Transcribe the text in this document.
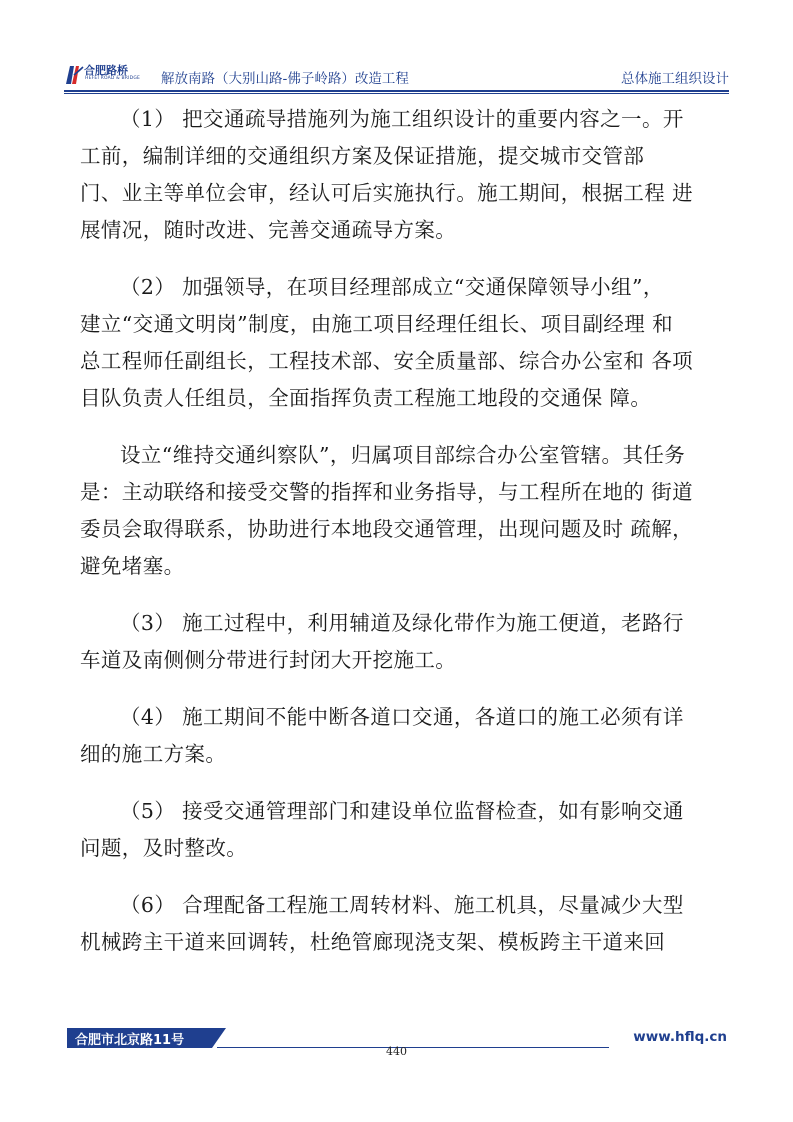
合肥路桥
HEFEI ROAD & BRIDGE 解放南路（大别山路-佛子岭路）改造工程	总体施工组织设计

（1） 把交通疏导措施列为施工组织设计的重要内容之一。开
工前，编制详细的交通组织方案及保证措施，提交城市交管部
门、业主等单位会审，经认可后实施执行。施工期间，根据工程 进
展情况，随时改进、完善交通疏导方案。

（2） 加强领导，在项目经理部成立“交通保障领导小组”，
建立“交通文明岗”制度，由施工项目经理任组长、项目副经理 和
总工程师任副组长，工程技术部、安全质量部、综合办公室和 各项
目队负责人任组员，全面指挥负责工程施工地段的交通保 障。

设立“维持交通纠察队”，归属项目部综合办公室管辖。其任务
是：主动联络和接受交警的指挥和业务指导，与工程所在地的 街道
委员会取得联系，协助进行本地段交通管理，出现问题及时 疏解，
避免堵塞。

（3） 施工过程中，利用辅道及绿化带作为施工便道，老路行
车道及南侧侧分带进行封闭大开挖施工。

（4） 施工期间不能中断各道口交通，各道口的施工必须有详
细的施工方案。

（5） 接受交通管理部门和建设单位监督检查，如有影响交通
问题，及时整改。

（6） 合理配备工程施工周转材料、施工机具，尽量减少大型
机械跨主干道来回调转，杜绝管廊现浇支架、模板跨主干道来回

合肥市北京路11号	www.hflq.cn
440
